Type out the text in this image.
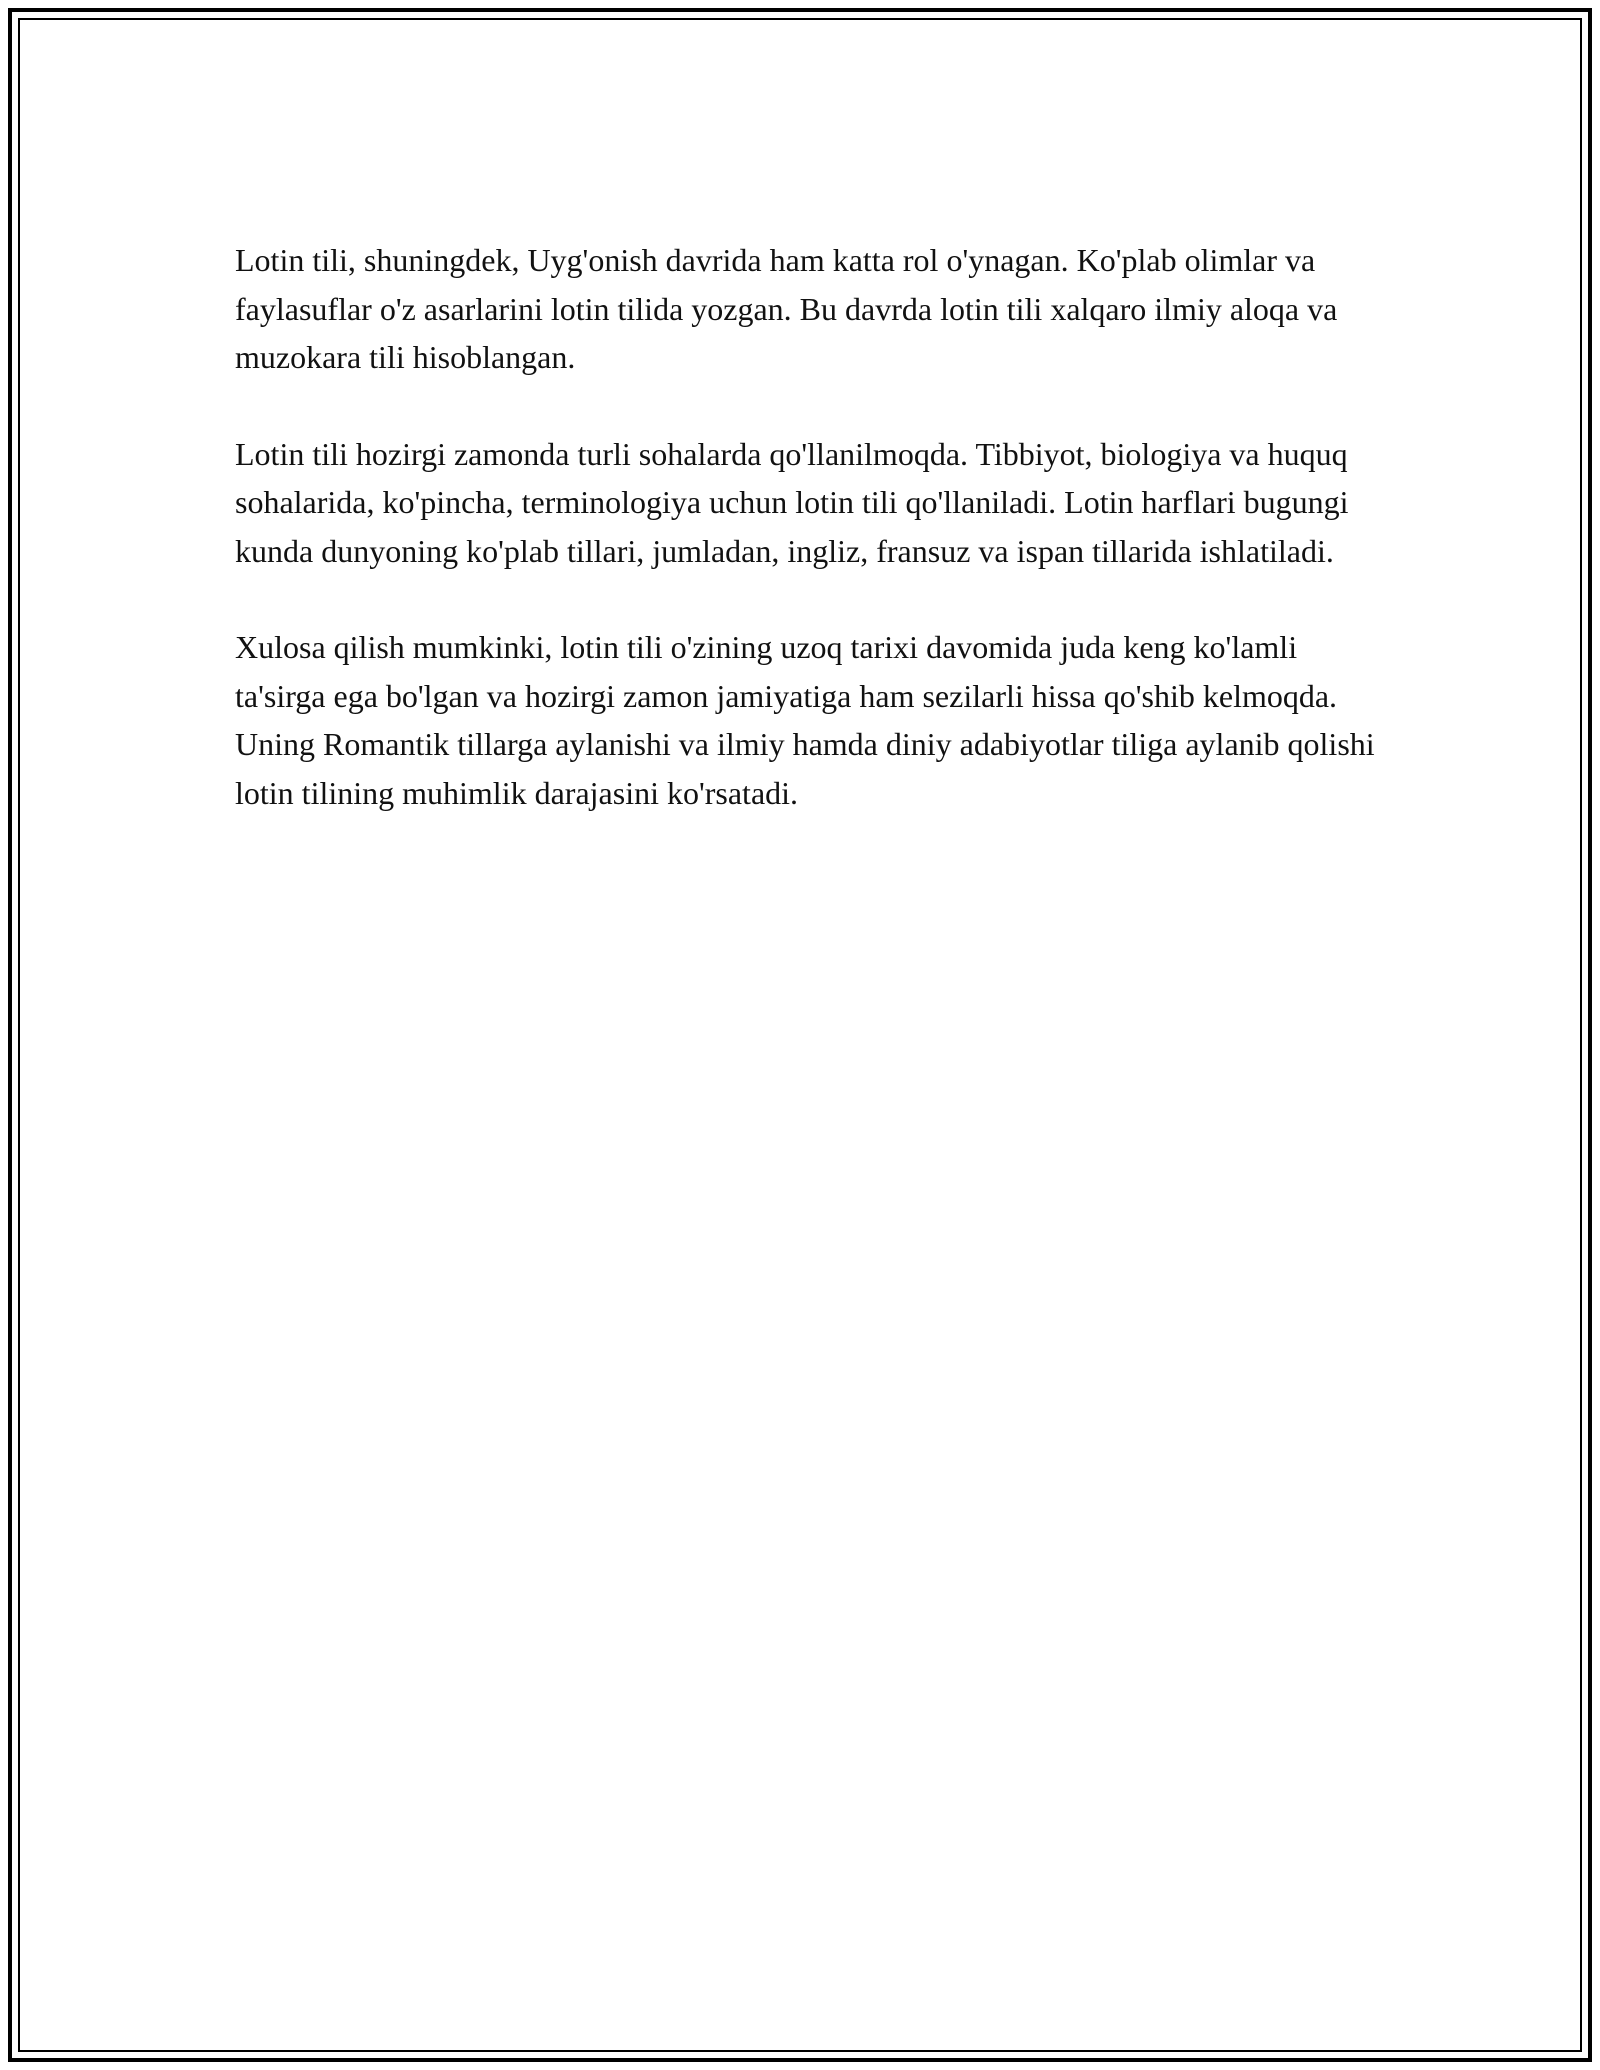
Lotin tili, shuningdek, Uyg'onish davrida ham katta rol o'ynagan. Ko'plab olimlar va faylasuflar o'z asarlarini lotin tilida yozgan. Bu davrda lotin tili xalqaro ilmiy aloqa va muzokara tili hisoblangan.

Lotin tili hozirgi zamonda turli sohalarda qo'llanilmoqda. Tibbiyot, biologiya va huquq sohalarida, ko'pincha, terminologiya uchun lotin tili qo'llaniladi. Lotin harflari bugungi kunda dunyoning ko'plab tillari, jumladan, ingliz, fransuz va ispan tillarida ishlatiladi.

Xulosa qilish mumkinki, lotin tili o'zining uzoq tarixi davomida juda keng ko'lamli ta'sirga ega bo'lgan va hozirgi zamon jamiyatiga ham sezilarli hissa qo'shib kelmoqda. Uning Romantik tillarga aylanishi va ilmiy hamda diniy adabiyotlar tiliga aylanib qolishi lotin tilining muhimlik darajasini ko'rsatadi.
